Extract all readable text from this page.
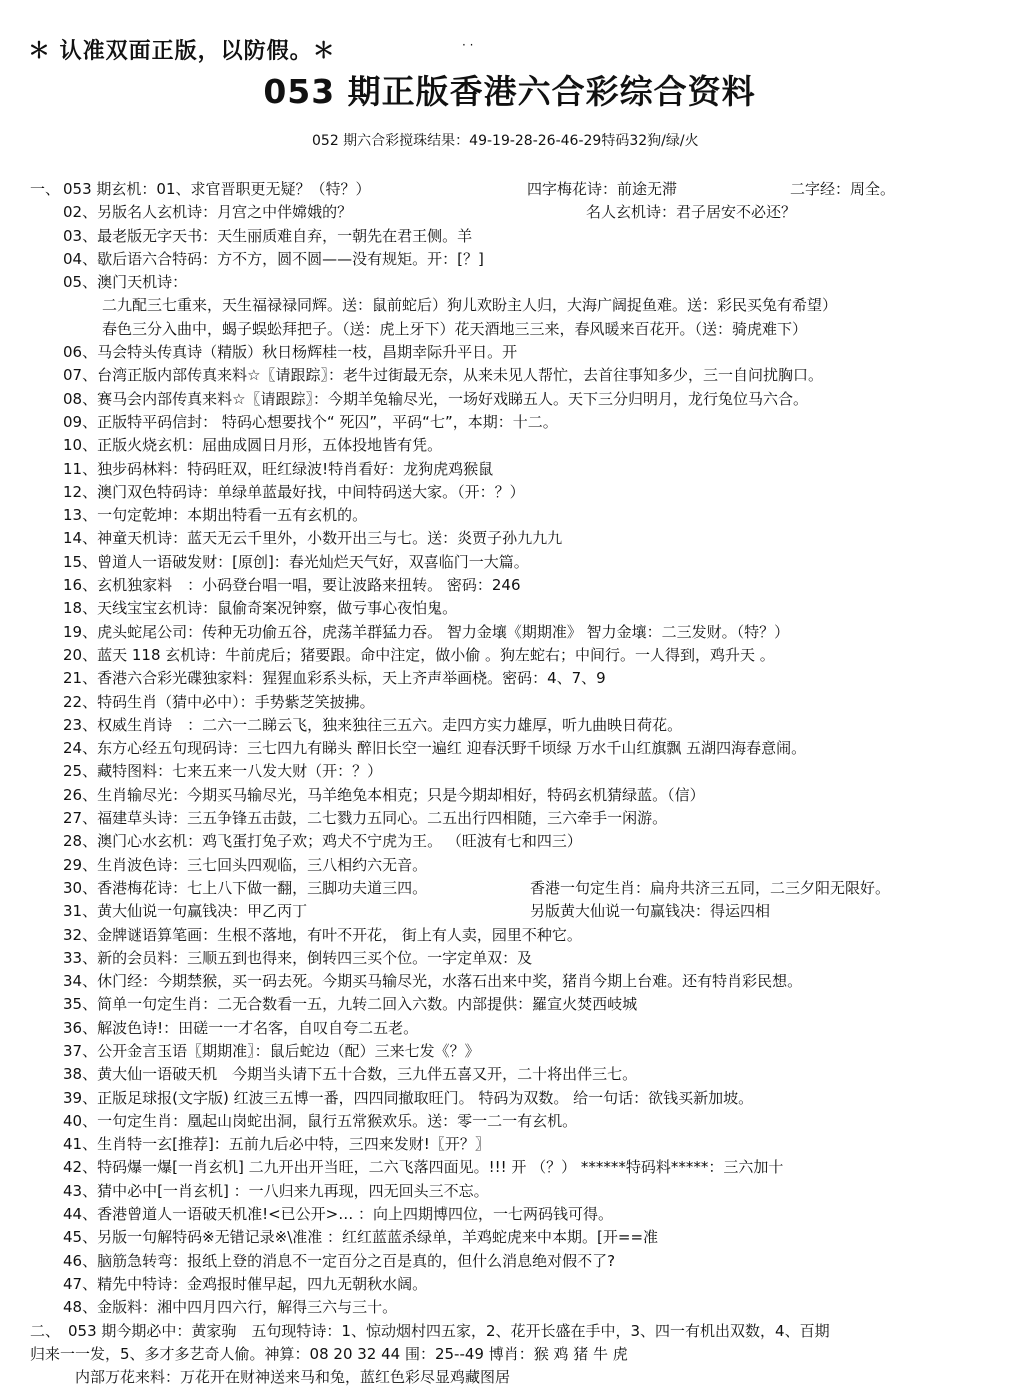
＊ 认准双面正版，以防假。＊	· ·
053 期正版香港六合彩综合资料
052 期六合彩搅珠结果：49-19-28-26-46-29特码32狗/绿/火
一、 053 期玄机：01、求官晋职更无疑？（特？）	四字梅花诗：前途无滞	二字经：周全。
02、另版名人玄机诗：月宫之中伴嫦娥的？	名人玄机诗：君子居安不必还？
03、最老版无字天书：天生丽质难自弃，一朝先在君王侧。羊
04、歇后语六合特码：方不方，圆不圆——没有规矩。开：[？]
05、澳门天机诗：
二九配三七重来，天生福禄禄同辉。送：鼠前蛇后）狗儿欢盼主人归，大海广阔捉鱼难。送：彩民买兔有希望）
春色三分入曲中，蝎子蜈蚣拜把子。（送：虎上牙下）花天酒地三三来，春风暖来百花开。（送：骑虎难下）
06、马会特头传真诗（精版）秋日杨辉桂一枝，昌期幸际升平日。开
07、台湾正版内部传真来料☆〖请跟踪〗：老牛过街最无奈，从来未见人帮忙，去首往事知多少，三一自问扰胸口。
08、赛马会内部传真来料☆〖请跟踪〗：今期羊兔输尽光，一场好戏睇五人。天下三分归明月，龙行兔位马六合。
09、正版特平码信封： 特码心想要找个“ 死囚”，平码“七”，本期：十二。
10、正版火烧玄机：屈曲成圆日月形，五体投地皆有凭。
11、独步码林料：特码旺双，旺红绿波!特肖看好：龙狗虎鸡猴鼠
12、澳门双色特码诗：单绿单蓝最好找，中间特码送大家。（开：？）
13、一句定乾坤：本期出特看一五有玄机的。
14、神童天机诗：蓝天无云千里外，小数开出三与七。送：炎贾子孙九九九
15、曾道人一语破发财：[原创]：春光灿烂天气好，双喜临门一大篇。
16、玄机独家料　：小码登台唱一唱，要让波路来扭转。 密码：246
18、天线宝宝玄机诗：鼠偷奇案况钟察，做亏事心夜怕鬼。
19、虎头蛇尾公司：传种无功偷五谷，虎荡羊群猛力吞。 智力金壤《期期准》 智力金壤：二三发财。（特？）
20、蓝天 118 玄机诗：牛前虎后；猪要跟。命中注定，做小偷 。狗左蛇右；中间行。一人得到，鸡升天 。
21、香港六合彩光碟独家料：猩猩血彩系头标，天上齐声举画桡。密码：4、7、9
22、特码生肖（猜中必中）：手势紫芝笑披拂。
23、权威生肖诗　：二六一二睇云飞，独来独往三五六。走四方实力雄厚，听九曲映日荷花。
24、东方心经五句现码诗：三七四九有睇头 醉旧长空一遍红 迎春沃野千顷绿 万水千山红旗飘 五湖四海春意闹。
25、藏特图料：七来五来一八发大财（开：？）
26、生肖输尽光：今期买马输尽光，马羊绝兔本相克；只是今期却相好，特码玄机猜绿蓝。（信）
27、福建草头诗：三五争锋五击鼓，二七戮力五同心。二五出行四相随，三六牵手一闲游。
28、澳门心水玄机：鸡飞蛋打兔子欢；鸡犬不宁虎为王。 （旺波有七和四三）
29、生肖波色诗：三七回头四观临，三八相约六无音。
30、香港梅花诗：七上八下做一翻，三脚功夫道三四。	香港一句定生肖：扁舟共济三五同，二三夕阳无限好。
31、黄大仙说一句赢钱决：甲乙丙丁	另版黄大仙说一句赢钱决：得运四相
32、金牌谜语算笔画：生根不落地，有叶不开花， 街上有人卖，园里不种它。
33、新的会员料：三顺五到也得来，倒转四三买个位。一字定单双：及
34、休门经：今期禁猴，买一码去死。今期买马输尽光，水落石出来中奖，猪肖今期上台难。还有特肖彩民想。
35、简单一句定生肖：二无合数看一五，九转二回入六数。内部提供：羅宣火焚西岐城
36、解波色诗!：田磋一一才名客，自叹自夸二五老。
37、公开金言玉语〖期期准〗：鼠后蛇边（配）三来七发《？》
38、黄大仙一语破天机　今期当头请下五十合数，三九伴五喜又开，二十将出伴三七。
39、正版足球报(文字版) 红波三五博一番，四四同撤取旺门。 特码为双数。 给一句话：欲钱买新加坡。
40、一句定生肖：凰起山岗蛇出洞，鼠行五常猴欢乐。送：零一二一有玄机。
41、生肖特一玄[推荐]：五前九后必中特，三四来发财!〖开？〗
42、特码爆一爆[一肖玄机] 二九开出开当旺，二六飞落四面见。!!! 开 （？） ******特码料*****：三六加十
43、猜中必中[一肖玄机] ：一八归来九再现，四无回头三不忘。
44、香港曾道人一语破天机准!<已公开>… ：向上四期博四位，一七两码钱可得。
45、另版一句解特码※无错记录※\准准 ：红红蓝蓝杀绿单，羊鸡蛇虎来中本期。[开==准
46、脑筋急转弯：报纸上登的消息不一定百分之百是真的，但什么消息绝对假不了?
47、精先中特诗：金鸡报时催早起，四九无朝秋水阔。
48、金版料：湘中四月四六行，解得三六与三十。
二、 053 期今期必中：黄家驹　五句现特诗：1、惊动烟村四五家，2、花开长盛在手中，3、四一有机出双数，4、百期
归来一一发，5、多才多艺奇人偷。神算：08 20 32 44 围：25--49 博肖：猴 鸡 猪 牛 虎
内部万花来料：万花开在财神送来马和兔，蓝红色彩尽显鸡藏图居
